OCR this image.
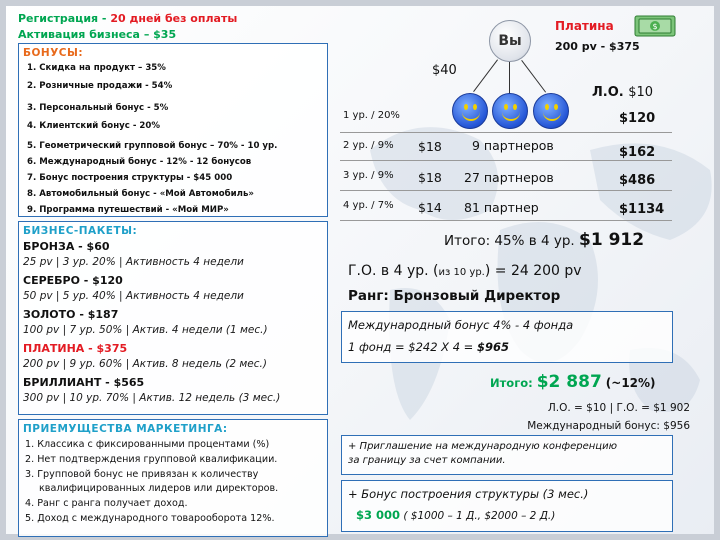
Регистрация - 20 дней без оплаты
Активация бизнеса – $35
БОНУСЫ:
1. Скидка на продукт – 35%
2. Розничные продажи - 54%
3. Персональный бонус - 5%
4. Клиентский бонус - 20%
5. Геометрический групповой бонус – 70% - 10 ур.
6. Международный бонус - 12% - 12 бонусов
7. Бонус построения структуры - $45 000
8. Автомобильный бонус - «Мой Автомобиль»
9. Программа путешествий - «Мой МИР»
БИЗНЕС-ПАКЕТЫ:
БРОНЗА - $60
25 pv | 3 ур. 20% | Активность 4 недели
СЕРЕБРО - $120
50 pv | 5 ур. 40% | Активность 4 недели
ЗОЛОТО - $187
100 pv | 7 ур. 50% | Актив. 4 недели (1 мес.)
ПЛАТИНА - $375
200 pv | 9 ур. 60% | Актив. 8 недель (2 мес.)
БРИЛЛИАНТ - $565
300 pv | 10 ур. 70% | Актив. 12 недель (3 мес.)
ПРИЕМУЩЕСТВА МАРКЕТИНГА:
1. Классика с фиксированными процентами (%)
2. Нет подтверждения групповой квалификации.
3. Групповой бонус не привязан к количеству
квалифицированных лидеров или директоров.
4. Ранг с ранга получает доход.
5. Доход с международного товарооборота 12%.
Вы
Платина
200 pv - $375
$
$40
Л.О. $10
1 ур. / 20%	$120
2 ур. / 9% $18 9 партнеров	$162
3 ур. / 9% $18 27 партнеров	$486
4 ур. / 7% $14 81 партнер	$1134
Итого: 45% в 4 ур. $1 912
Г.О. в 4 ур. (из 10 ур.) = 24 200 pv
Ранг: Бронзовый Директор
Международный бонус 4% - 4 фонда
1 фонд = $242 Х 4 = $965
Итого: $2 887 (~12%)
Л.О. = $10 | Г.О. = $1 902
Международный бонус: $956
+ Приглашение на международную конференцию
за границу за счет компании.
+ Бонус построения структуры (3 мес.)
$3 000 ( $1000 – 1 Д., $2000 – 2 Д.)
